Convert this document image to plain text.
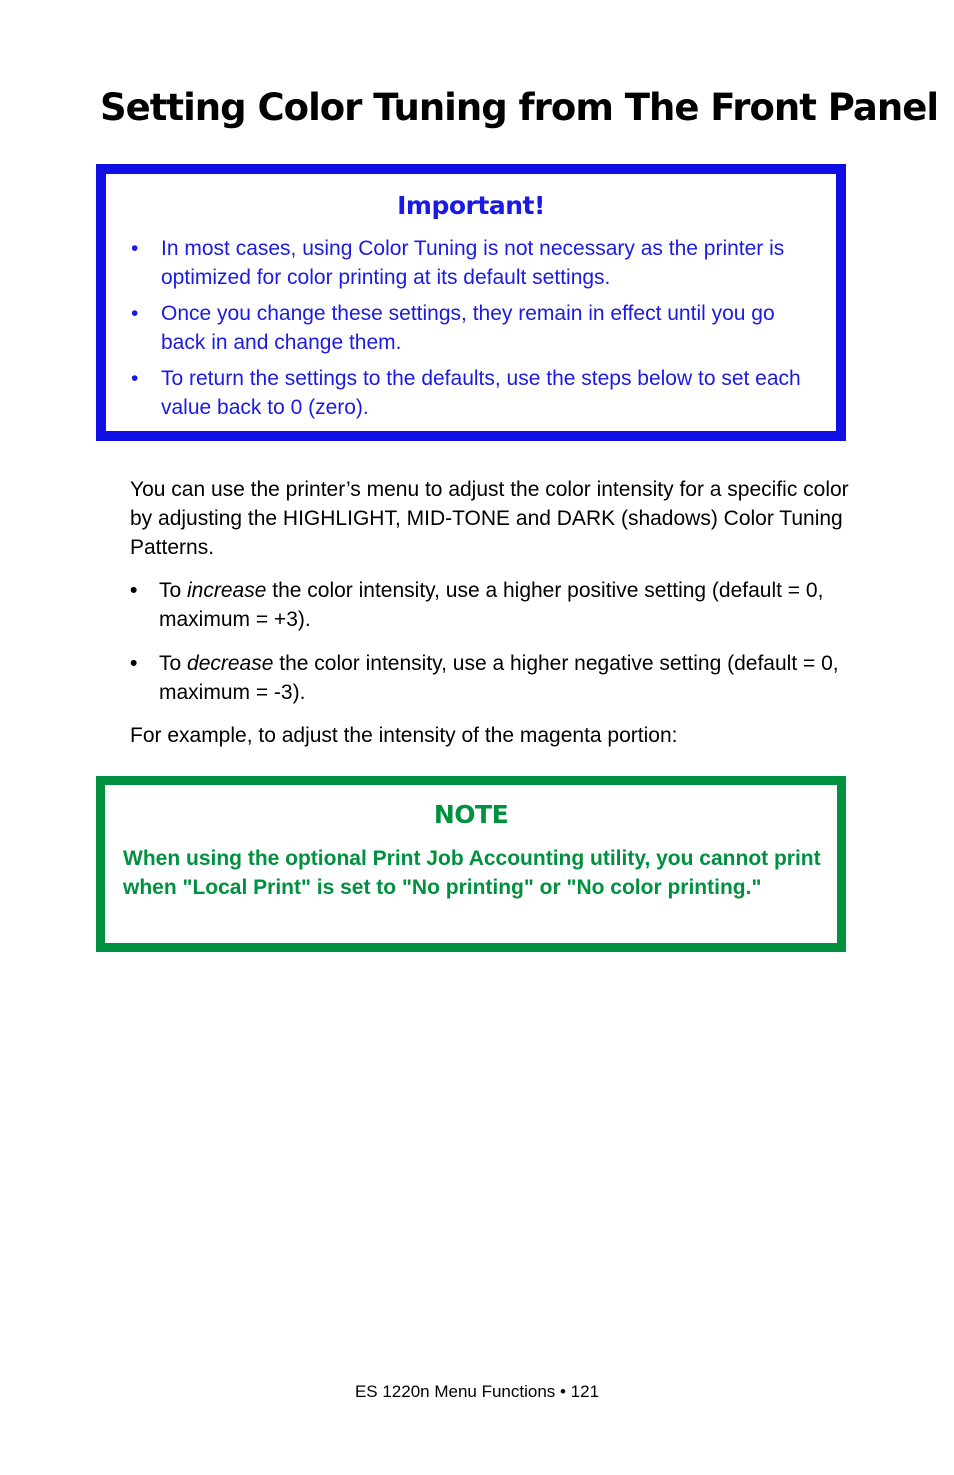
Setting Color Tuning from The Front Panel
Important!
• In most cases, using Color Tuning is not necessary as the printer is optimized for color printing at its default settings.
• Once you change these settings, they remain in effect until you go back in and change them.
• To return the settings to the defaults, use the steps below to set each value back to 0 (zero).

You can use the printer’s menu to adjust the color intensity for a specific color by adjusting the HIGHLIGHT, MID-TONE and DARK (shadows) Color Tuning Patterns.

• To increase the color intensity, use a higher positive setting (default = 0, maximum = +3).
• To decrease the color intensity, use a higher negative setting (default = 0, maximum = -3).

For example, to adjust the intensity of the magenta portion:

NOTE

When using the optional Print Job Accounting utility, you cannot print when "Local Print" is set to "No printing" or "No color printing."

ES 1220n Menu Functions • 121
